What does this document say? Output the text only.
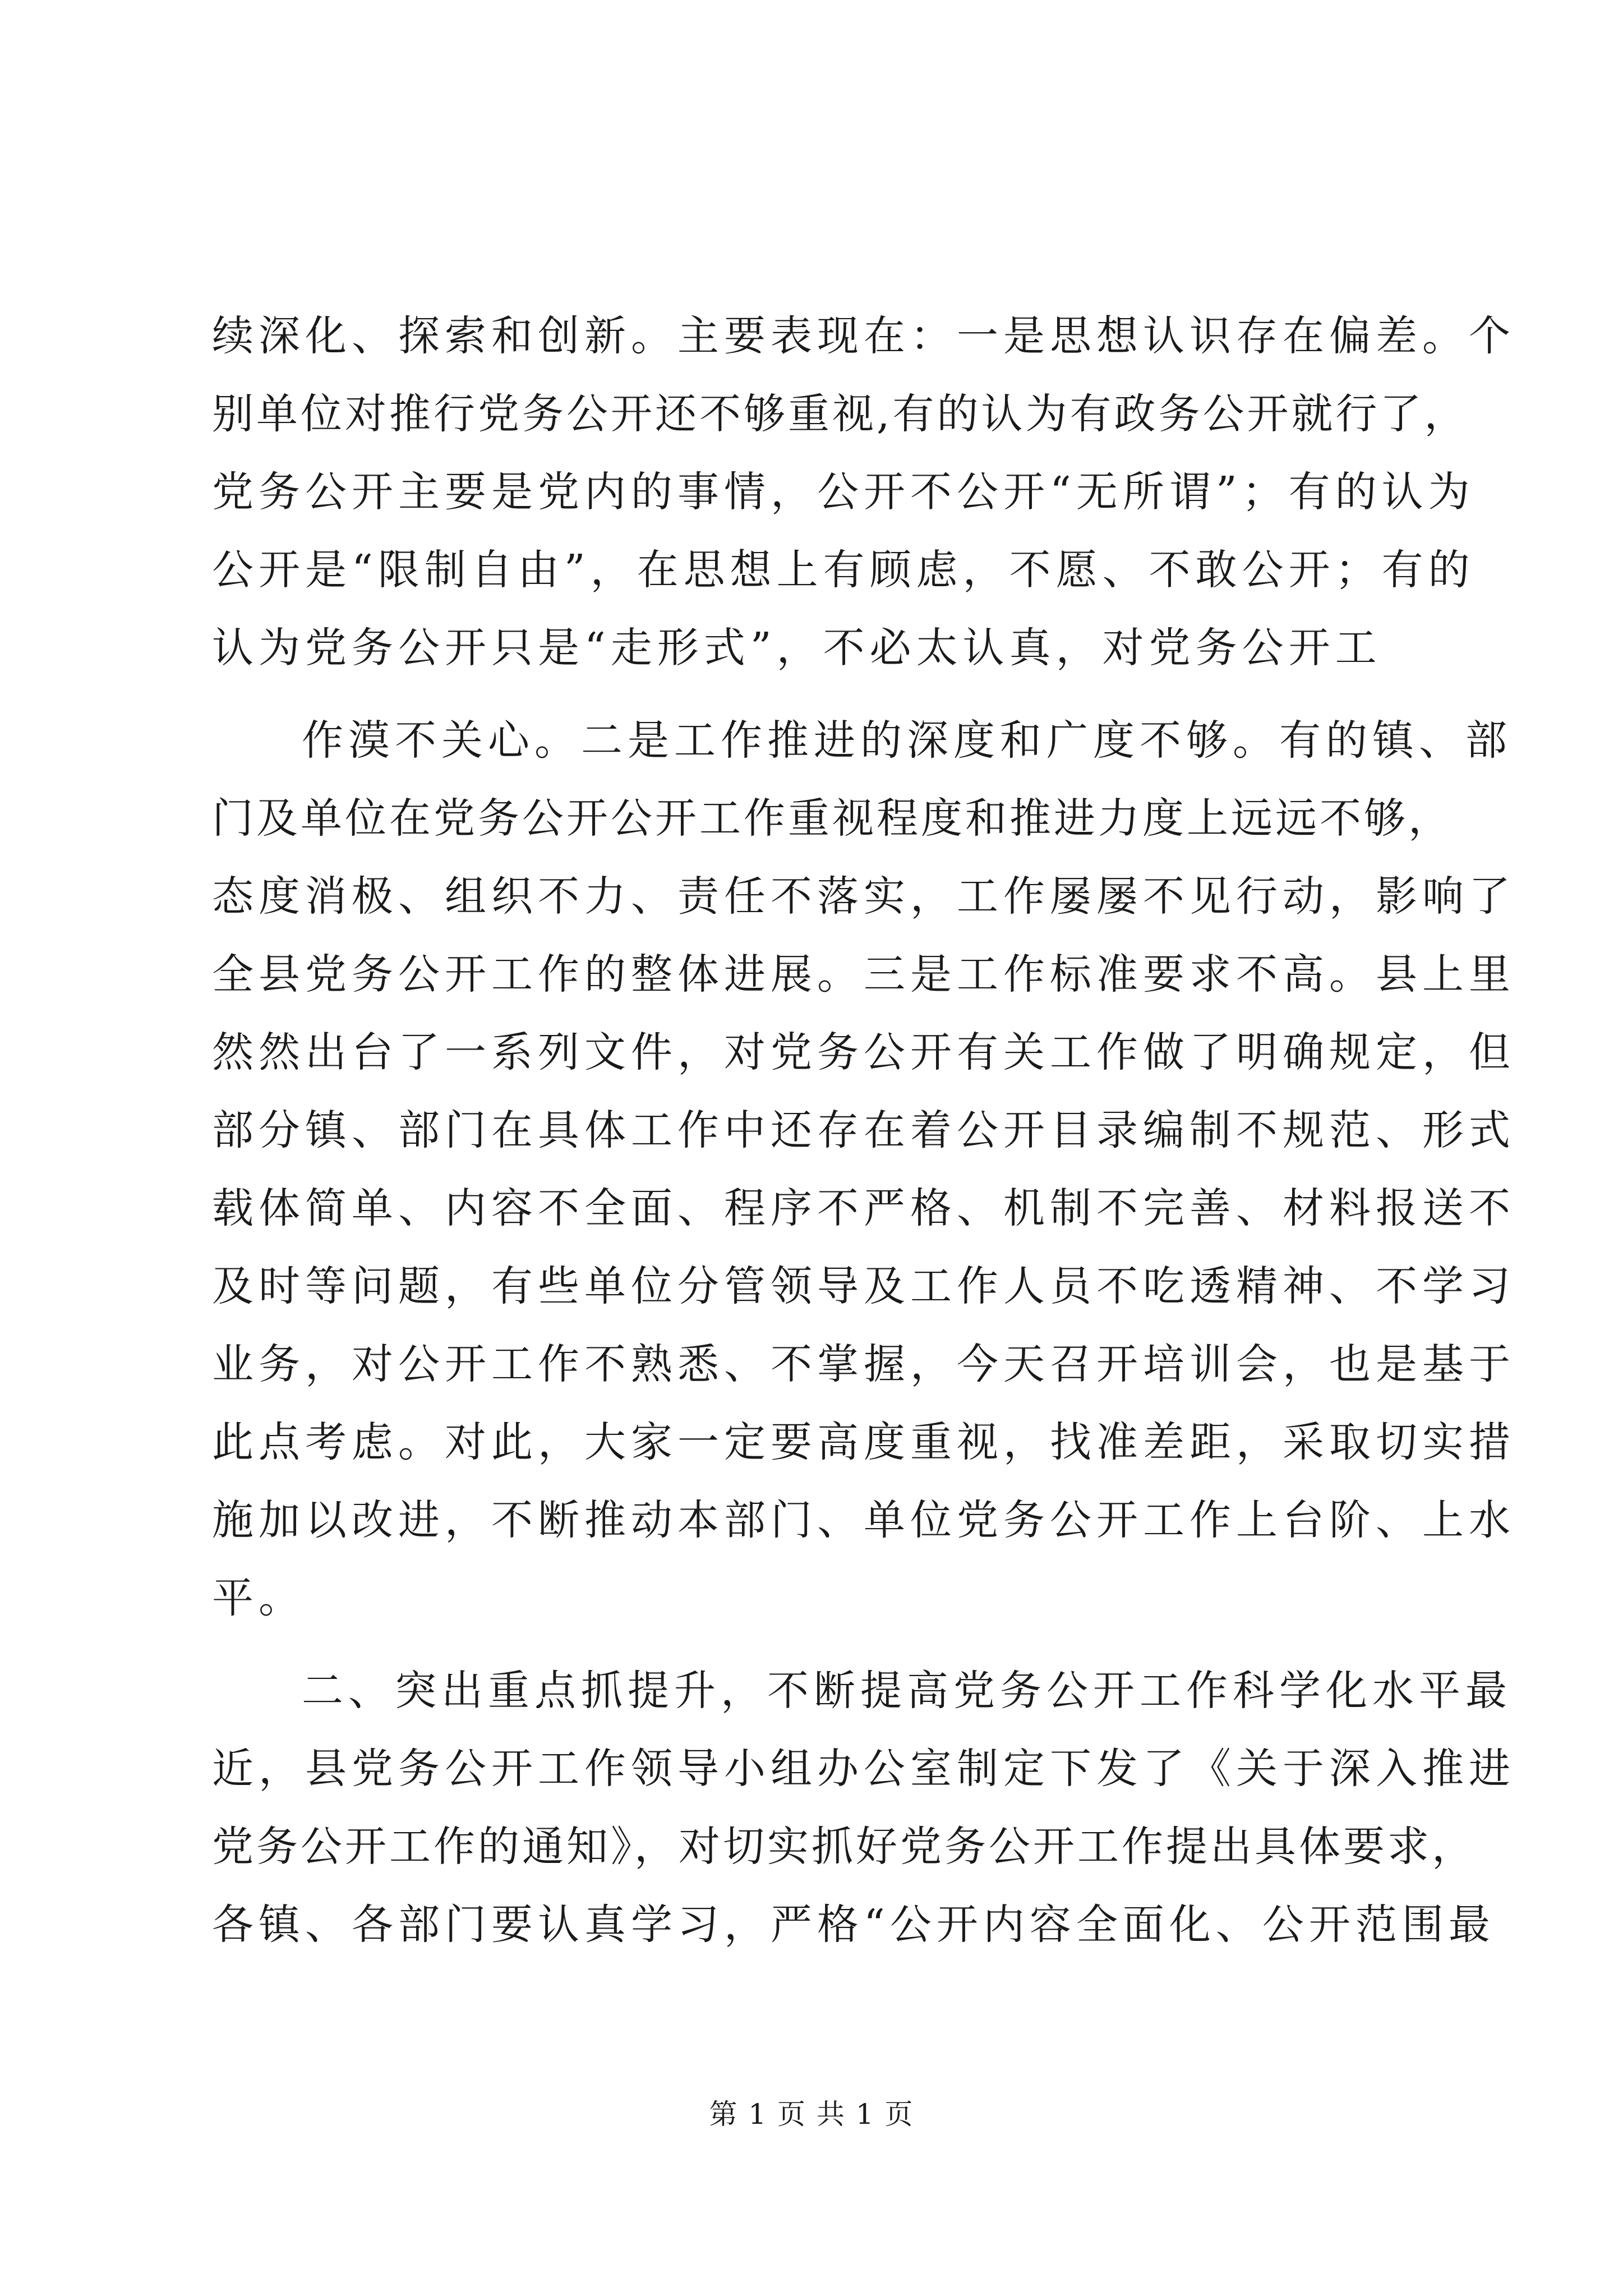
续深化、探索和创新。主要表现在：一是思想认识存在偏差。个
别单位对推行党务公开还不够重视,有的认为有政务公开就行了，
党务公开主要是党内的事情，公开不公开“无所谓”；有的认为
公开是“限制自由”，在思想上有顾虑，不愿、不敢公开；有的
认为党务公开只是“走形式”，不必太认真，对党务公开工
作漠不关心。二是工作推进的深度和广度不够。有的镇、部
门及单位在党务公开公开工作重视程度和推进力度上远远不够，
态度消极、组织不力、责任不落实，工作屡屡不见行动，影响了
全县党务公开工作的整体进展。三是工作标准要求不高。县上里
然然出台了一系列文件，对党务公开有关工作做了明确规定，但
部分镇、部门在具体工作中还存在着公开目录编制不规范、形式
载体简单、内容不全面、程序不严格、机制不完善、材料报送不
及时等问题，有些单位分管领导及工作人员不吃透精神、不学习
业务，对公开工作不熟悉、不掌握，今天召开培训会，也是基于
此点考虑。对此，大家一定要高度重视，找准差距，采取切实措
施加以改进，不断推动本部门、单位党务公开工作上台阶、上水
平。
二、突出重点抓提升，不断提高党务公开工作科学化水平最
近，县党务公开工作领导小组办公室制定下发了《关于深入推进
党务公开工作的通知》，对切实抓好党务公开工作提出具体要求，
各镇、各部门要认真学习，严格“公开内容全面化、公开范围最
第 1 页 共 1 页
